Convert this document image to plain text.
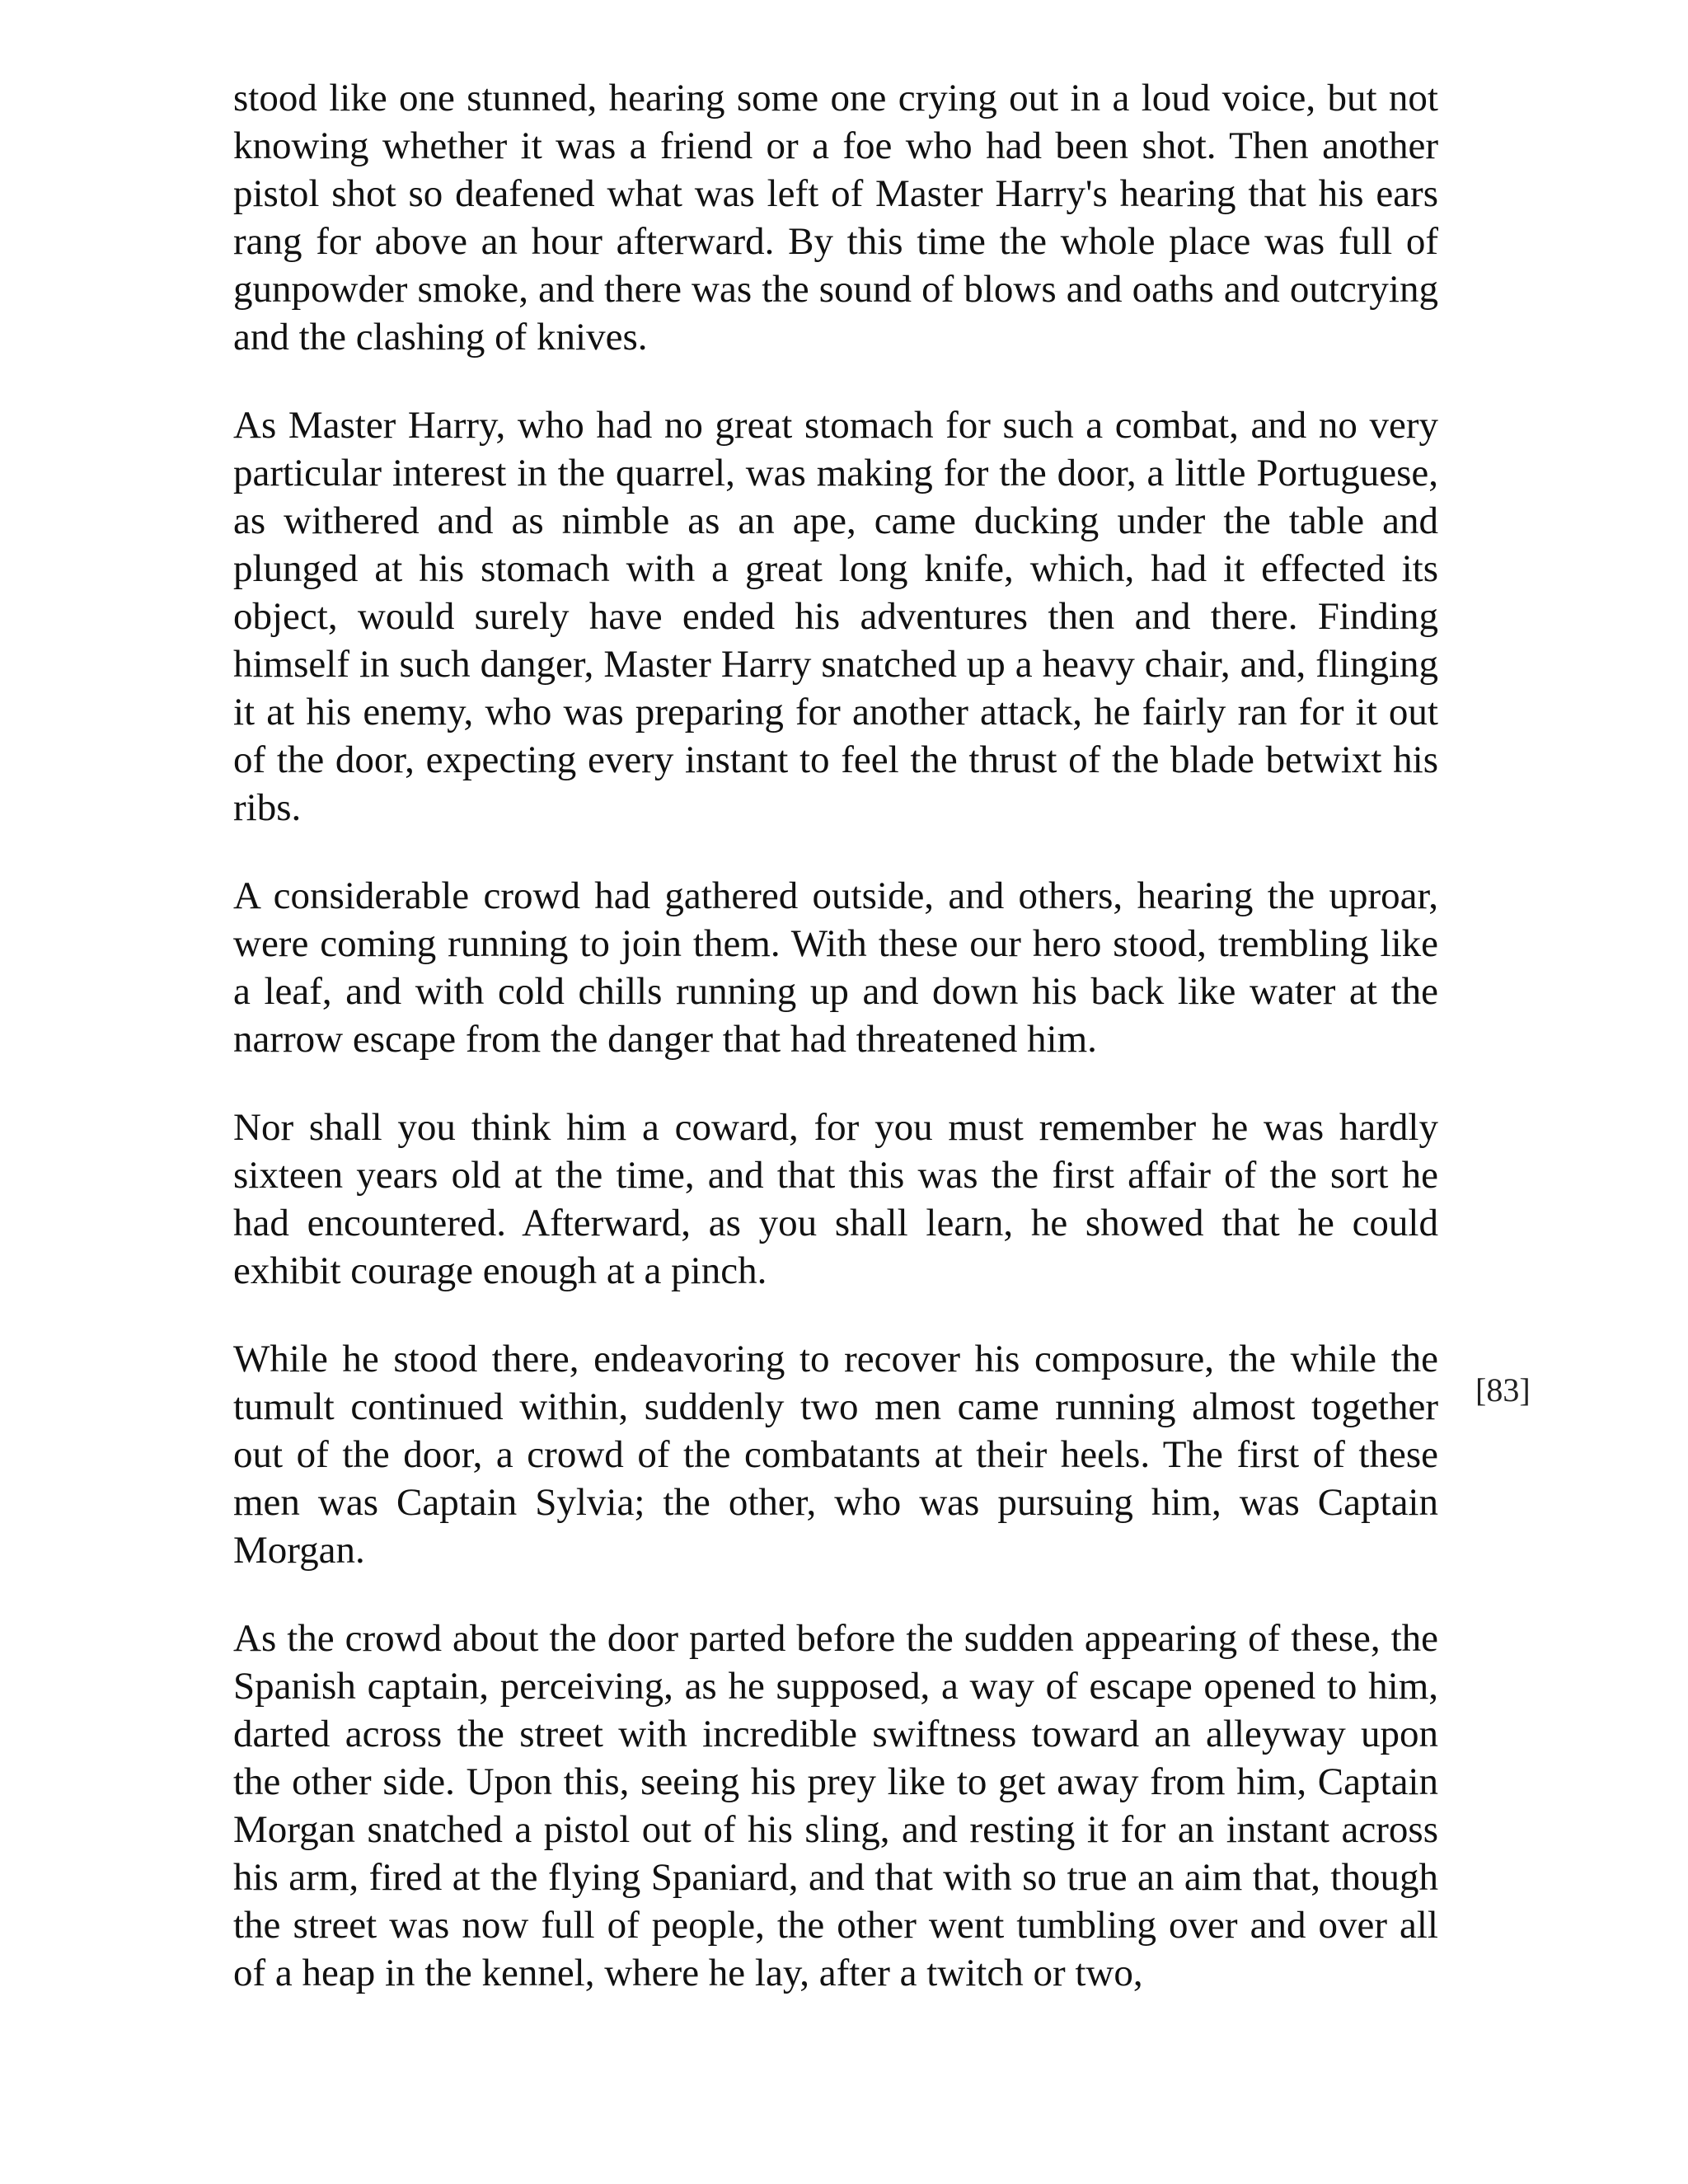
stood like one stunned, hearing some one crying out in a loud voice, but not knowing whether it was a friend or a foe who had been shot. Then another pistol shot so deafened what was left of Master Harry's hearing that his ears rang for above an hour afterward. By this time the whole place was full of gunpowder smoke, and there was the sound of blows and oaths and outcrying and the clashing of knives.

As Master Harry, who had no great stomach for such a combat, and no very particular interest in the quarrel, was making for the door, a little Portuguese, as withered and as nimble as an ape, came ducking under the table and plunged at his stomach with a great long knife, which, had it effected its object, would surely have ended his adventures then and there. Finding himself in such danger, Master Harry snatched up a heavy chair, and, flinging it at his enemy, who was preparing for another attack, he fairly ran for it out of the door, expecting every instant to feel the thrust of the blade betwixt his ribs.

A considerable crowd had gathered outside, and others, hearing the uproar, were coming running to join them. With these our hero stood, trembling like a leaf, and with cold chills running up and down his back like water at the narrow escape from the danger that had threatened him.

Nor shall you think him a coward, for you must remember he was hardly sixteen years old at the time, and that this was the first affair of the sort he had encountered. Afterward, as you shall learn, he showed that he could exhibit courage enough at a pinch.

While he stood there, endeavoring to recover his composure, the while the tumult continued within, suddenly two men came running almost together out of the door, a crowd of the combatants at their heels. The first of these men was Captain Sylvia; the other, who was pursuing him, was Captain Morgan.

As the crowd about the door parted before the sudden appearing of these, the Spanish captain, perceiving, as he supposed, a way of escape opened to him, darted across the street with incredible swiftness toward an alleyway upon the other side. Upon this, seeing his prey like to get away from him, Captain Morgan snatched a pistol out of his sling, and resting it for an instant across his arm, fired at the flying Spaniard, and that with so true an aim that, though the street was now full of people, the other went tumbling over and over all of a heap in the kennel, where he lay, after a twitch or two,

[83]
